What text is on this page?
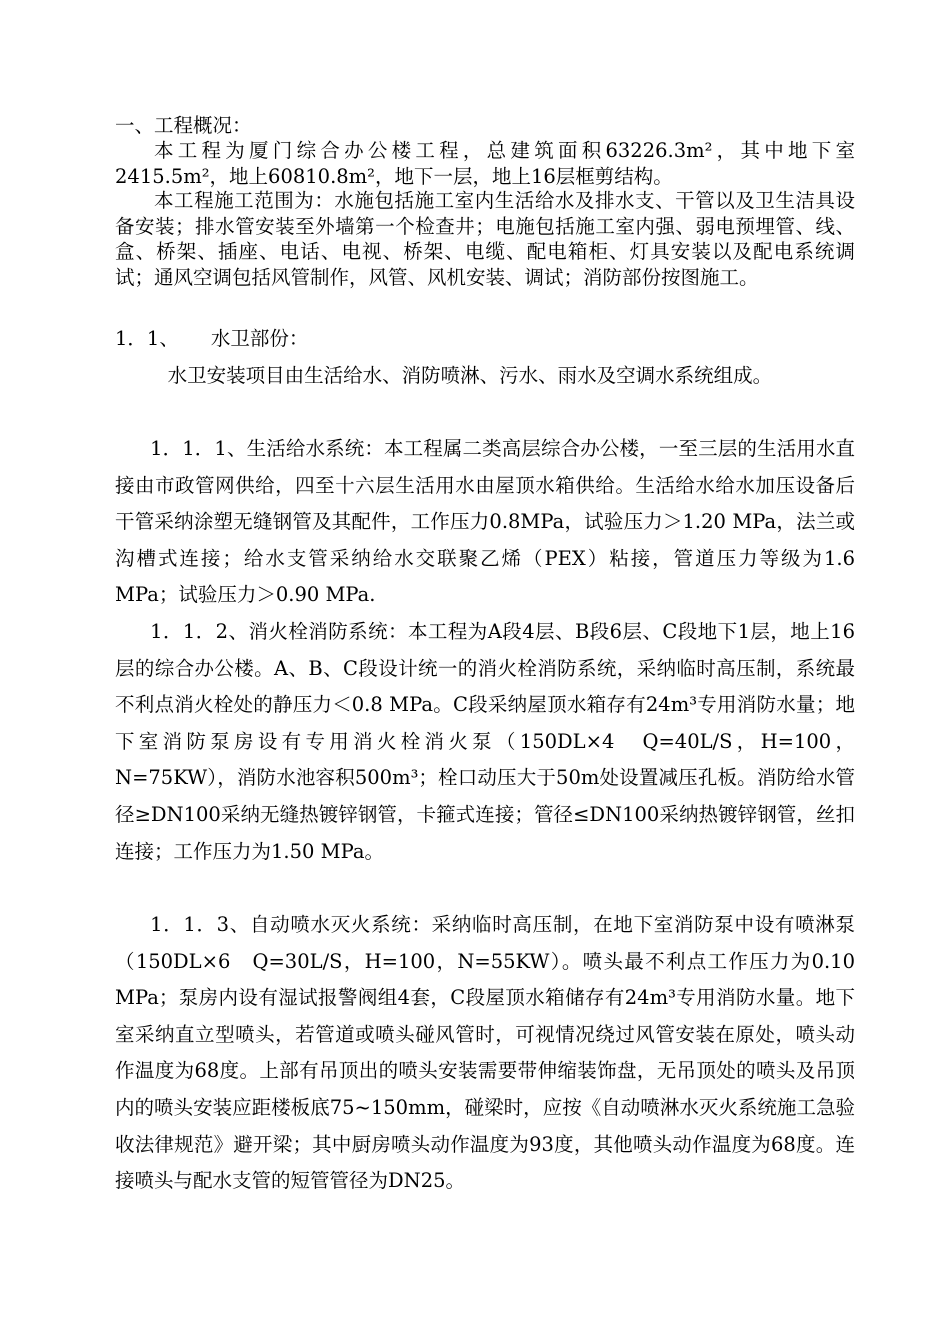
一、工程概况：

本工程为厦门综合办公楼工程，总建筑面积63226.3m²，其中地下室2415.5m²，地上60810.8m²，地下一层，地上16层框剪结构。

本工程施工范围为：水施包括施工室内生活给水及排水支、干管以及卫生洁具设备安装；排水管安装至外墙第一个检查井；电施包括施工室内强、弱电预埋管、线、盒、桥架、插座、电话、电视、桥架、电缆、配电箱柜、灯具安装以及配电系统调试；通风空调包括风管制作，风管、风机安装、调试；消防部份按图施工。

1．1、 水卫部份：

水卫安装项目由生活给水、消防喷淋、污水、雨水及空调水系统组成。

1．1．1、生活给水系统：本工程属二类高层综合办公楼，一至三层的生活用水直接由市政管网供给，四至十六层生活用水由屋顶水箱供给。生活给水给水加压设备后干管采纳涂塑无缝钢管及其配件，工作压力0.8MPa，试验压力＞1.20 MPa，法兰或沟槽式连接；给水支管采纳给水交联聚乙烯（PEX）粘接，管道压力等级为1.6 MPa；试验压力＞0.90 MPa.

1．1．2、消火栓消防系统：本工程为A段4层、B段6层、C段地下1层，地上16层的综合办公楼。A、B、C段设计统一的消火栓消防系统，采纳临时高压制，系统最不利点消火栓处的静压力＜0.8 MPa。C段采纳屋顶水箱存有24m³专用消防水量；地下室消防泵房设有专用消火栓消火泵（150DL×4　Q=40L/S，H=100，N=75KW），消防水池容积500m³；栓口动压大于50m处设置减压孔板。消防给水管径≥DN100采纳无缝热镀锌钢管，卡箍式连接；管径≤DN100采纳热镀锌钢管，丝扣连接；工作压力为1.50 MPa。

1．1．3、自动喷水灭火系统：采纳临时高压制，在地下室消防泵中设有喷淋泵（150DL×6　Q=30L/S，H=100，N=55KW）。喷头最不利点工作压力为0.10 MPa；泵房内设有湿试报警阀组4套，C段屋顶水箱储存有24m³专用消防水量。地下室采纳直立型喷头，若管道或喷头碰风管时，可视情况绕过风管安装在原处，喷头动作温度为68度。上部有吊顶出的喷头安装需要带伸缩装饰盘，无吊顶处的喷头及吊顶内的喷头安装应距楼板底75~150mm，碰梁时，应按《自动喷淋水灭火系统施工急验收法律规范》避开梁；其中厨房喷头动作温度为93度，其他喷头动作温度为68度。连接喷头与配水支管的短管管径为DN25。
